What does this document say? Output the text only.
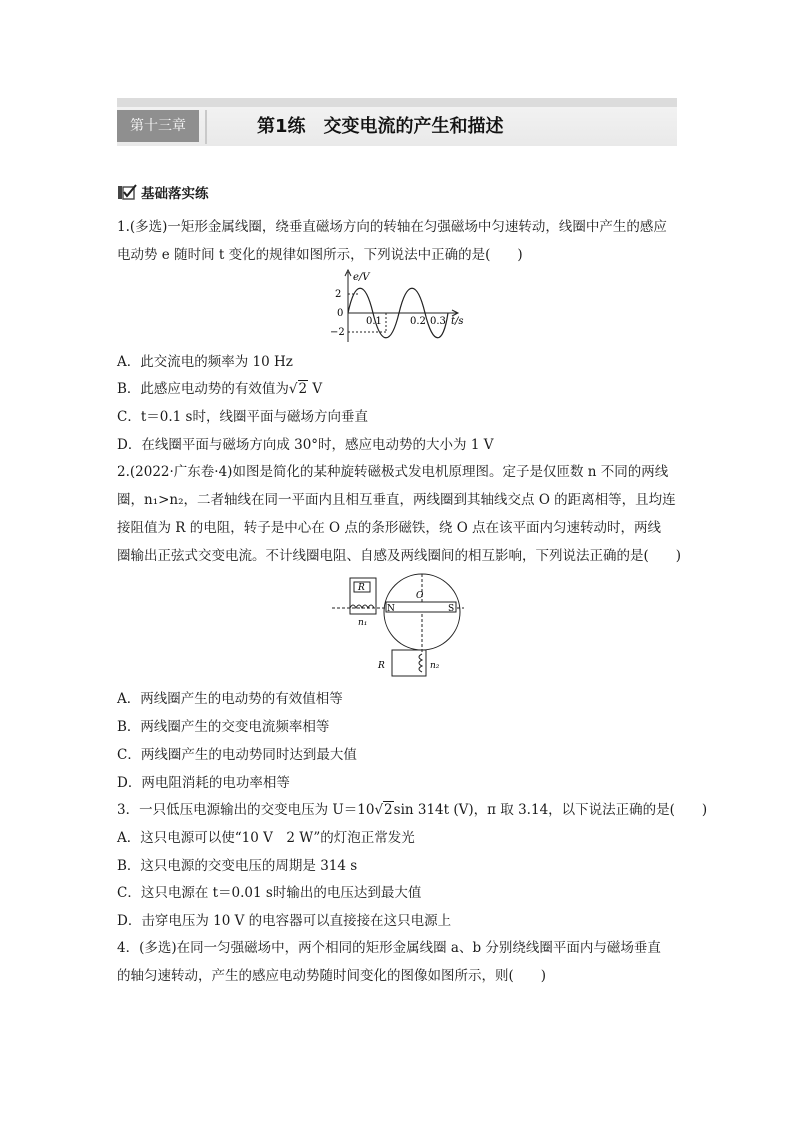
第十三章	第1练 交变电流的产生和描述
基础落实练
1.(多选)一矩形金属线圈，绕垂直磁场方向的转轴在匀强磁场中匀速转动，线圈中产生的感应
电动势 e 随时间 t 变化的规律如图所示，下列说法中正确的是(　　)
e/V
2
0
−2
0.1	0.2 0.3 t/s
A．此交流电的频率为 10 Hz
B．此感应电动势的有效值为√2 V
C．t＝0.1 s时，线圈平面与磁场方向垂直
D．在线圈平面与磁场方向成 30°时，感应电动势的大小为 1 V
2.(2022·广东卷·4)如图是简化的某种旋转磁极式发电机原理图。定子是仅匝数 n 不同的两线
圈，n₁>n₂，二者轴线在同一平面内且相互垂直，两线圈到其轴线交点 O 的距离相等，且均连
接阻值为 R 的电阻，转子是中心在 O 点的条形磁铁，绕 O 点在该平面内匀速转动时，两线
圈输出正弦式交变电流。不计线圈电阻、自感及两线圈间的相互影响，下列说法正确的是(　　)
R
n₁
O
N	S
R	n₂
A．两线圈产生的电动势的有效值相等
B．两线圈产生的交变电流频率相等
C．两线圈产生的电动势同时达到最大值
D．两电阻消耗的电功率相等
3．一只低压电源输出的交变电压为 U＝10√2sin 314t (V)，π 取 3.14，以下说法正确的是(　　)
A．这只电源可以使“10 V　2 W”的灯泡正常发光
B．这只电源的交变电压的周期是 314 s
C．这只电源在 t＝0.01 s时输出的电压达到最大值
D．击穿电压为 10 V 的电容器可以直接接在这只电源上
4．(多选)在同一匀强磁场中，两个相同的矩形金属线圈 a、b 分别绕线圈平面内与磁场垂直
的轴匀速转动，产生的感应电动势随时间变化的图像如图所示，则(　　)
